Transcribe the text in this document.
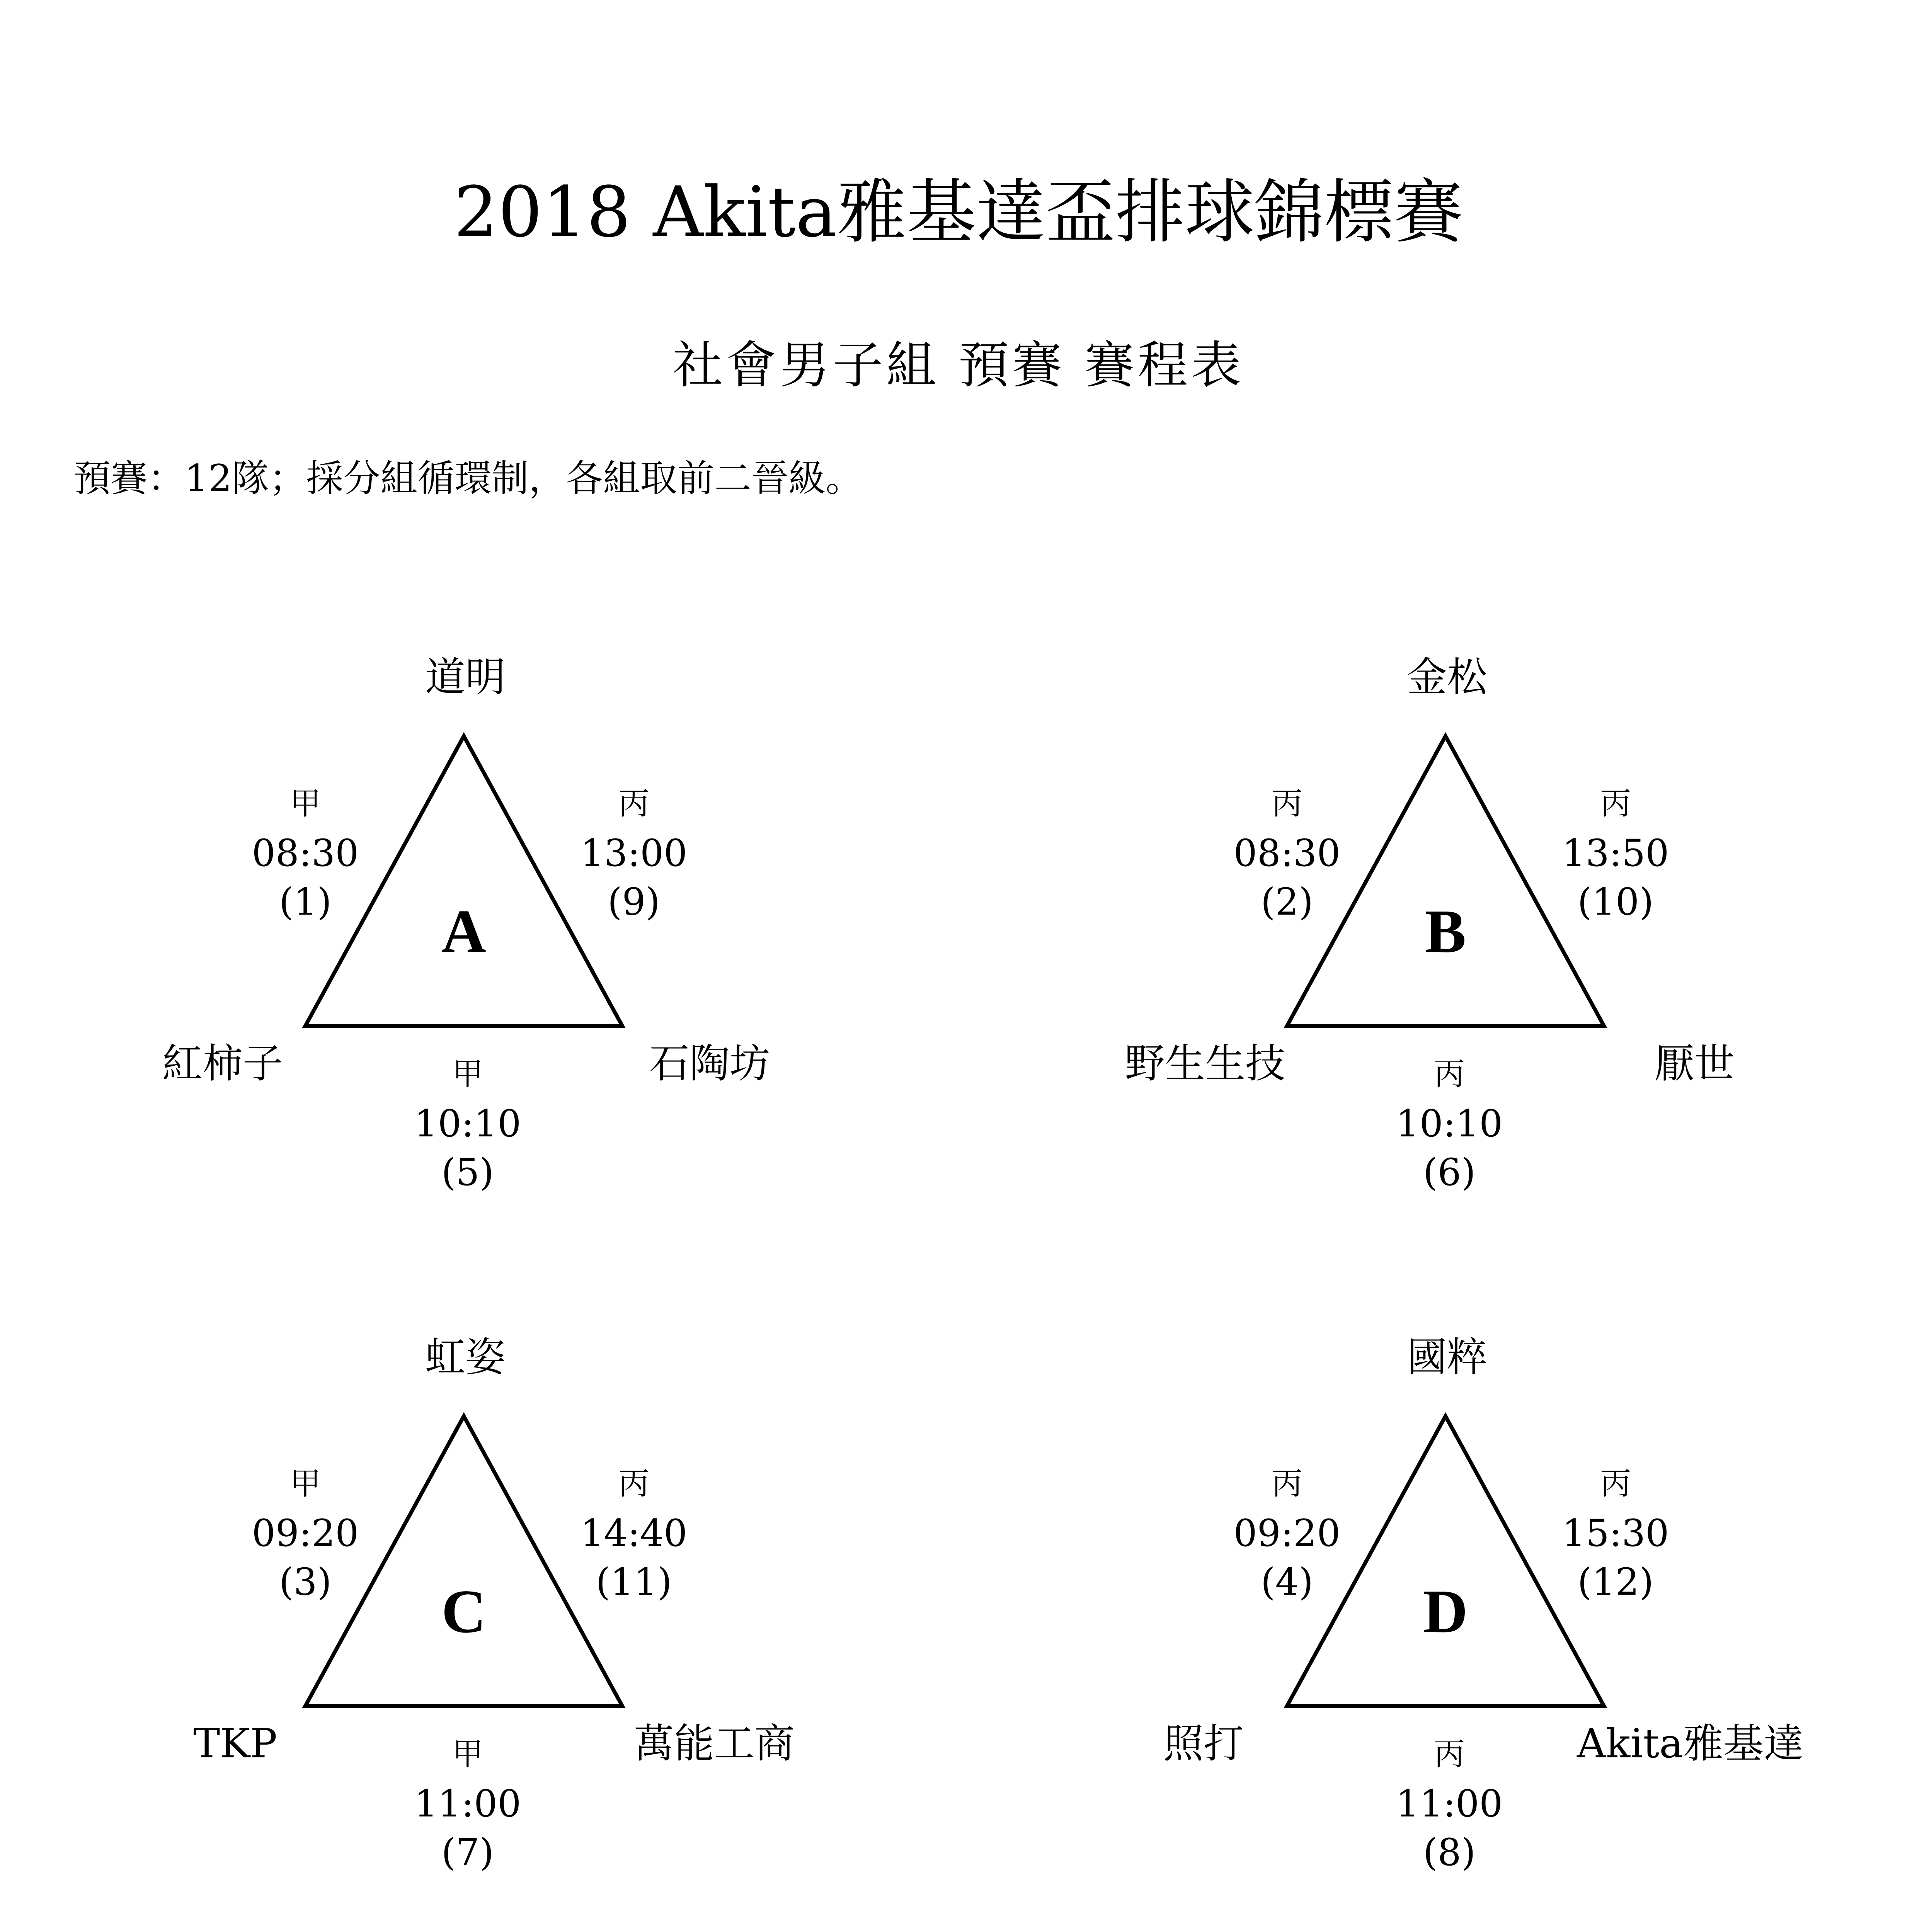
2018 Akita雅基達盃排球錦標賽
社會男子組 預賽 賽程表
預賽：12隊；採分組循環制，各組取前二晉級。
A
道明
紅柿子	石陶坊
甲
08:30
(1)
丙
13:00
(9)
甲
10:10
(5)
B
金松
野生生技	厭世
丙
08:30
(2)
丙
13:50
(10)
丙
10:10
(6)
C
虹姿
TKP	萬能工商
甲
09:20
(3)
丙
14:40
(11)
甲
11:00
(7)
D
國粹
照打	Akita雅基達
丙
09:20
(4)
丙
15:30
(12)
丙
11:00
(8)
